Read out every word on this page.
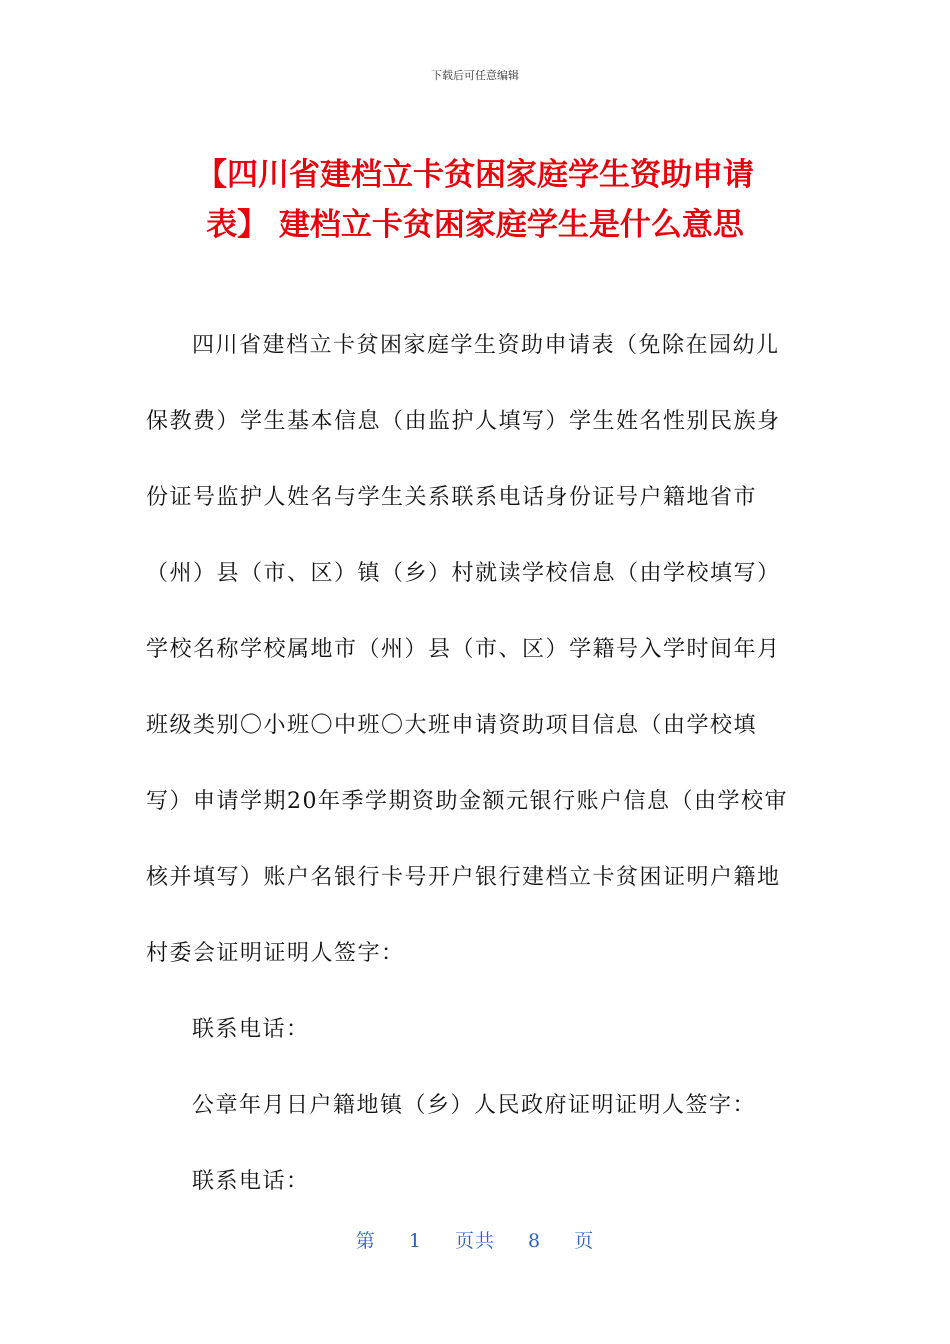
下载后可任意编辑
【四川省建档立卡贫困家庭学生资助申请
表】 建档立卡贫困家庭学生是什么意思
四川省建档立卡贫困家庭学生资助申请表（免除在园幼儿
保教费）学生基本信息（由监护人填写）学生姓名性别民族身
份证号监护人姓名与学生关系联系电话身份证号户籍地省市
（州）县（市、区）镇（乡）村就读学校信息（由学校填写）
学校名称学校属地市（州）县（市、区）学籍号入学时间年月
班级类别〇小班〇中班〇大班申请资助项目信息（由学校填
写）申请学期20年季学期资助金额元银行账户信息（由学校审
核并填写）账户名银行卡号开户银行建档立卡贫困证明户籍地
村委会证明证明人签字：
联系电话：
公章年月日户籍地镇（乡）人民政府证明证明人签字：
联系电话：
第 1 页共 8 页
